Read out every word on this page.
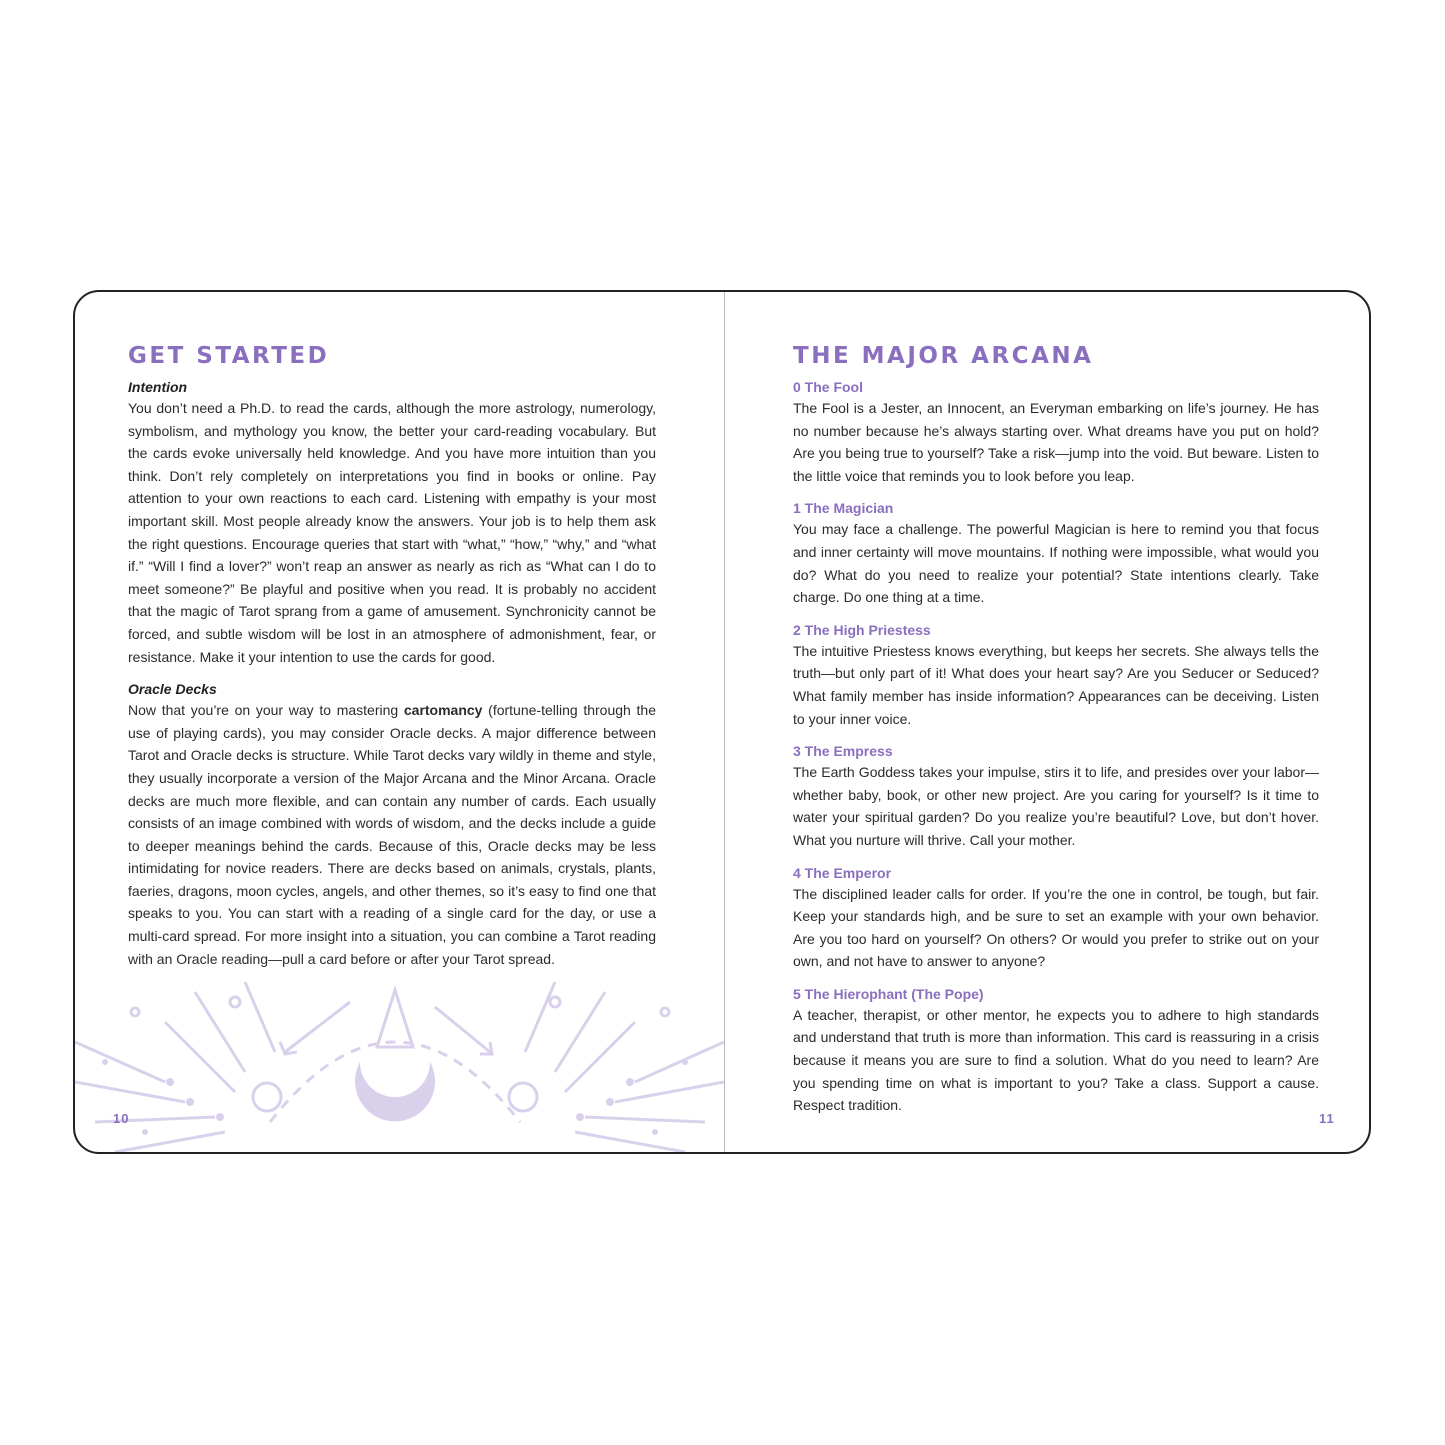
GET STARTED

Intention

You don’t need a Ph.D. to read the cards, although the more astrology, numerology, symbolism, and mythology you know, the better your card-reading vocabulary. But the cards evoke universally held knowledge. And you have more intuition than you think. Don’t rely completely on interpretations you find in books or online. Pay attention to your own reactions to each card. Listening with empathy is your most important skill. Most people already know the answers. Your job is to help them ask the right questions. Encourage queries that start with “what,” “how,” “why,” and “what if.” “Will I find a lover?” won’t reap an answer as nearly as rich as “What can I do to meet someone?” Be playful and positive when you read. It is probably no accident that the magic of Tarot sprang from a game of amusement. Synchronicity cannot be forced, and subtle wisdom will be lost in an atmosphere of admonishment, fear, or resistance. Make it your intention to use the cards for good.

Oracle Decks

Now that you’re on your way to mastering cartomancy (fortune-telling through the use of playing cards), you may consider Oracle decks. A major difference between Tarot and Oracle decks is structure. While Tarot decks vary wildly in theme and style, they usually incorporate a version of the Major Arcana and the Minor Arcana. Oracle decks are much more flexible, and can contain any number of cards. Each usually consists of an image combined with words of wisdom, and the decks include a guide to deeper meanings behind the cards. Because of this, Oracle decks may be less intimidating for novice readers. There are decks based on animals, crystals, plants, faeries, dragons, moon cycles, angels, and other themes, so it’s easy to find one that speaks to you. You can start with a reading of a single card for the day, or use a multi-card spread. For more insight into a situation, you can combine a Tarot reading with an Oracle reading—pull a card before or after your Tarot spread.

10
THE MAJOR ARCANA

0 The Fool

The Fool is a Jester, an Innocent, an Everyman embarking on life’s journey. He has no number because he’s always starting over. What dreams have you put on hold? Are you being true to yourself? Take a risk—jump into the void. But beware. Listen to the little voice that reminds you to look before you leap.

1 The Magician

You may face a challenge. The powerful Magician is here to remind you that focus and inner certainty will move mountains. If nothing were impossible, what would you do? What do you need to realize your potential? State intentions clearly. Take charge. Do one thing at a time.

2 The High Priestess

The intuitive Priestess knows everything, but keeps her secrets. She always tells the truth—but only part of it! What does your heart say? Are you Seducer or Seduced? What family member has inside information? Appearances can be deceiving. Listen to your inner voice.

3 The Empress

The Earth Goddess takes your impulse, stirs it to life, and presides over your labor—whether baby, book, or other new project. Are you caring for yourself? Is it time to water your spiritual garden? Do you realize you’re beautiful? Love, but don’t hover. What you nurture will thrive. Call your mother.

4 The Emperor

The disciplined leader calls for order. If you’re the one in control, be tough, but fair. Keep your standards high, and be sure to set an example with your own behavior. Are you too hard on yourself? On others? Or would you prefer to strike out on your own, and not have to answer to anyone?

5 The Hierophant (The Pope)

A teacher, therapist, or other mentor, he expects you to adhere to high standards and understand that truth is more than information. This card is reassuring in a crisis because it means you are sure to find a solution. What do you need to learn? Are you spending time on what is important to you? Take a class. Support a cause. Respect tradition.

11
